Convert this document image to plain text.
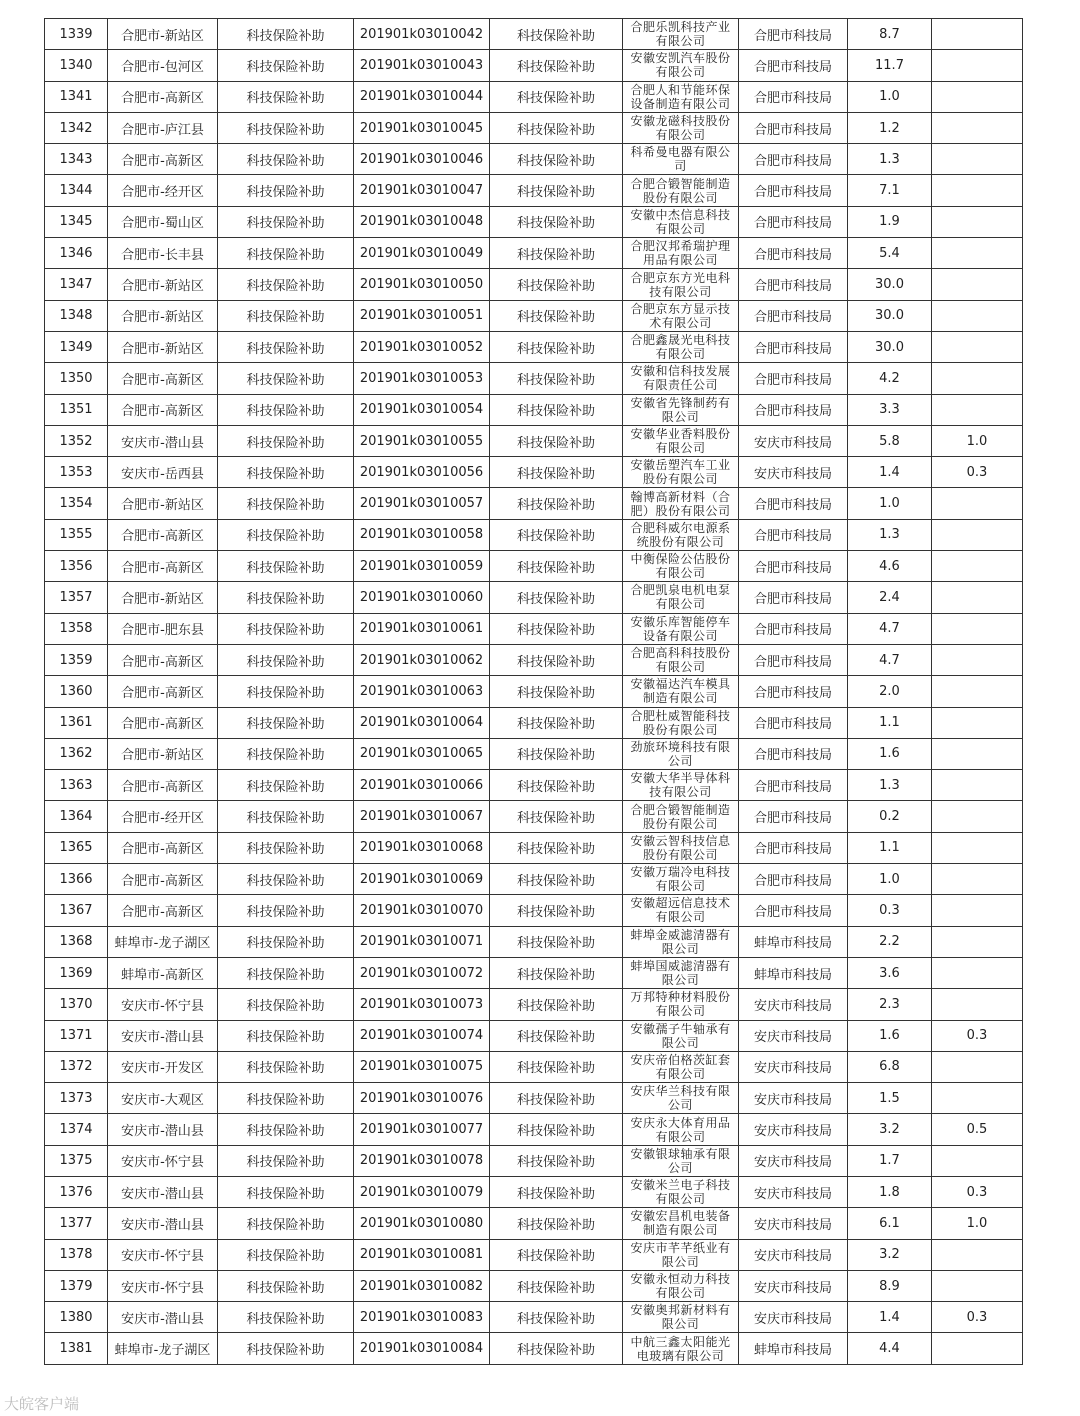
1339	合肥市-新站区	科技保险补助	201901k03010042	科技保险补助	合肥乐凯科技产业有限公司	合肥市科技局	8.7	
1340	合肥市-包河区	科技保险补助	201901k03010043	科技保险补助	安徽安凯汽车股份有限公司	合肥市科技局	11.7	
1341	合肥市-高新区	科技保险补助	201901k03010044	科技保险补助	合肥人和节能环保设备制造有限公司	合肥市科技局	1.0	
1342	合肥市-庐江县	科技保险补助	201901k03010045	科技保险补助	安徽龙磁科技股份有限公司	合肥市科技局	1.2	
1343	合肥市-高新区	科技保险补助	201901k03010046	科技保险补助	科希曼电器有限公司	合肥市科技局	1.3	
1344	合肥市-经开区	科技保险补助	201901k03010047	科技保险补助	合肥合锻智能制造股份有限公司	合肥市科技局	7.1	
1345	合肥市-蜀山区	科技保险补助	201901k03010048	科技保险补助	安徽中杰信息科技有限公司	合肥市科技局	1.9	
1346	合肥市-长丰县	科技保险补助	201901k03010049	科技保险补助	合肥汉邦希瑞护理用品有限公司	合肥市科技局	5.4	
1347	合肥市-新站区	科技保险补助	201901k03010050	科技保险补助	合肥京东方光电科技有限公司	合肥市科技局	30.0	
1348	合肥市-新站区	科技保险补助	201901k03010051	科技保险补助	合肥京东方显示技术有限公司	合肥市科技局	30.0	
1349	合肥市-新站区	科技保险补助	201901k03010052	科技保险补助	合肥鑫晟光电科技有限公司	合肥市科技局	30.0	
1350	合肥市-高新区	科技保险补助	201901k03010053	科技保险补助	安徽和信科技发展有限责任公司	合肥市科技局	4.2	
1351	合肥市-高新区	科技保险补助	201901k03010054	科技保险补助	安徽省先锋制药有限公司	合肥市科技局	3.3	
1352	安庆市-潜山县	科技保险补助	201901k03010055	科技保险补助	安徽华业香料股份有限公司	安庆市科技局	5.8	1.0
1353	安庆市-岳西县	科技保险补助	201901k03010056	科技保险补助	安徽岳塑汽车工业股份有限公司	安庆市科技局	1.4	0.3
1354	合肥市-新站区	科技保险补助	201901k03010057	科技保险补助	翰博高新材料（合肥）股份有限公司	合肥市科技局	1.0	
1355	合肥市-高新区	科技保险补助	201901k03010058	科技保险补助	合肥科威尔电源系统股份有限公司	合肥市科技局	1.3	
1356	合肥市-高新区	科技保险补助	201901k03010059	科技保险补助	中衡保险公估股份有限公司	合肥市科技局	4.6	
1357	合肥市-新站区	科技保险补助	201901k03010060	科技保险补助	合肥凯泉电机电泵有限公司	合肥市科技局	2.4	
1358	合肥市-肥东县	科技保险补助	201901k03010061	科技保险补助	安徽乐库智能停车设备有限公司	合肥市科技局	4.7	
1359	合肥市-高新区	科技保险补助	201901k03010062	科技保险补助	合肥高科科技股份有限公司	合肥市科技局	4.7	
1360	合肥市-高新区	科技保险补助	201901k03010063	科技保险补助	安徽福达汽车模具制造有限公司	合肥市科技局	2.0	
1361	合肥市-高新区	科技保险补助	201901k03010064	科技保险补助	合肥杜威智能科技股份有限公司	合肥市科技局	1.1	
1362	合肥市-新站区	科技保险补助	201901k03010065	科技保险补助	劲旅环境科技有限公司	合肥市科技局	1.6	
1363	合肥市-高新区	科技保险补助	201901k03010066	科技保险补助	安徽大华半导体科技有限公司	合肥市科技局	1.3	
1364	合肥市-经开区	科技保险补助	201901k03010067	科技保险补助	合肥合锻智能制造股份有限公司	合肥市科技局	0.2	
1365	合肥市-高新区	科技保险补助	201901k03010068	科技保险补助	安徽云智科技信息股份有限公司	合肥市科技局	1.1	
1366	合肥市-高新区	科技保险补助	201901k03010069	科技保险补助	安徽万瑞冷电科技有限公司	合肥市科技局	1.0	
1367	合肥市-高新区	科技保险补助	201901k03010070	科技保险补助	安徽超远信息技术有限公司	合肥市科技局	0.3	
1368	蚌埠市-龙子湖区	科技保险补助	201901k03010071	科技保险补助	蚌埠金威滤清器有限公司	蚌埠市科技局	2.2	
1369	蚌埠市-高新区	科技保险补助	201901k03010072	科技保险补助	蚌埠国威滤清器有限公司	蚌埠市科技局	3.6	
1370	安庆市-怀宁县	科技保险补助	201901k03010073	科技保险补助	万邦特种材料股份有限公司	安庆市科技局	2.3	
1371	安庆市-潜山县	科技保险补助	201901k03010074	科技保险补助	安徽孺子牛轴承有限公司	安庆市科技局	1.6	0.3
1372	安庆市-开发区	科技保险补助	201901k03010075	科技保险补助	安庆帝伯格茨缸套有限公司	安庆市科技局	6.8	
1373	安庆市-大观区	科技保险补助	201901k03010076	科技保险补助	安庆华兰科技有限公司	安庆市科技局	1.5	
1374	安庆市-潜山县	科技保险补助	201901k03010077	科技保险补助	安庆永大体育用品有限公司	安庆市科技局	3.2	0.5
1375	安庆市-怀宁县	科技保险补助	201901k03010078	科技保险补助	安徽银球轴承有限公司	安庆市科技局	1.7	
1376	安庆市-潜山县	科技保险补助	201901k03010079	科技保险补助	安徽米兰电子科技有限公司	安庆市科技局	1.8	0.3
1377	安庆市-潜山县	科技保险补助	201901k03010080	科技保险补助	安徽宏昌机电装备制造有限公司	安庆市科技局	6.1	1.0
1378	安庆市-怀宁县	科技保险补助	201901k03010081	科技保险补助	安庆市芊芊纸业有限公司	安庆市科技局	3.2	
1379	安庆市-怀宁县	科技保险补助	201901k03010082	科技保险补助	安徽永恒动力科技有限公司	安庆市科技局	8.9	
1380	安庆市-潜山县	科技保险补助	201901k03010083	科技保险补助	安徽奥邦新材料有限公司	安庆市科技局	1.4	0.3
1381	蚌埠市-龙子湖区	科技保险补助	201901k03010084	科技保险补助	中航三鑫太阳能光电玻璃有限公司	蚌埠市科技局	4.4	
大皖客户端
